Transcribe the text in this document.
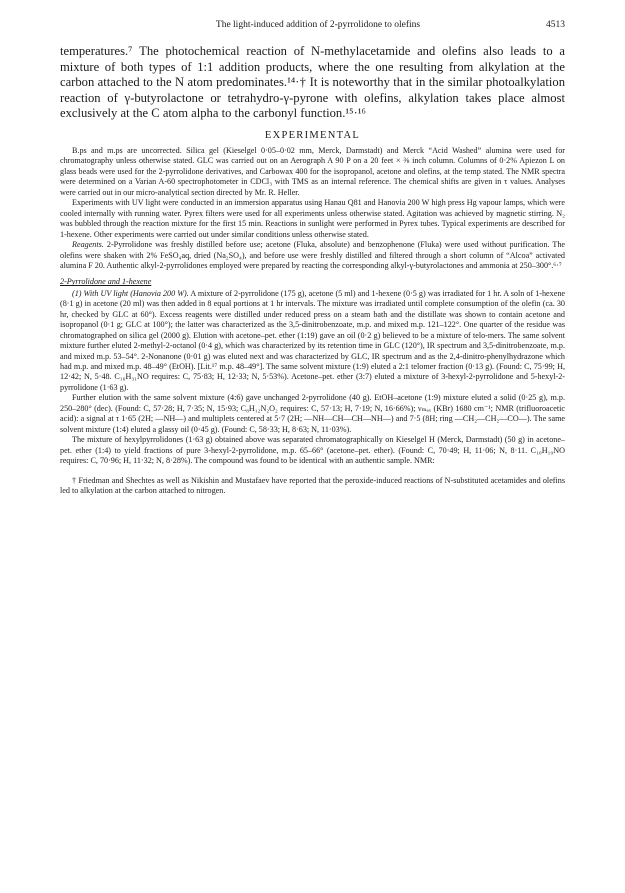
The light-induced addition of 2-pyrrolidone to olefins	4513

temperatures.⁷ The photochemical reaction of N-methylacetamide and olefins also leads to a mixture of both types of 1:1 addition products, where the one resulting from alkylation at the carbon attached to the N atom predominates.¹⁴·† It is noteworthy that in the similar photoalkylation reaction of γ-butyrolactone or tetrahydro-γ-pyrone with olefins, alkylation takes place almost exclusively at the C atom alpha to the carbonyl function.¹⁵·¹⁶

EXPERIMENTAL

B.ps and m.ps are uncorrected. Silica gel (Kieselgel 0·05–0·02 mm, Merck, Darmstadt) and Merck “Acid Washed” alumina were used for chromatography unless otherwise stated. GLC was carried out on an Aerograph A 90 P on a 20 feet × ⅜ inch column. Columns of 0·2% Apiezon L on glass beads were used for the 2-pyrrolidone derivatives, and Carbowax 400 for the isopropanol, acetone and olefins, at the temp stated. The NMR spectra were determined on a Varian A-60 spectrophotometer in CDCl₃ with TMS as an internal reference. The chemical shifts are given in τ values. Analyses were carried out in our micro-analytical section directed by Mr. R. Heller.

Experiments with UV light were conducted in an immersion apparatus using Hanau Q81 and Hanovia 200 W high press Hg vapour lamps, which were cooled internally with running water. Pyrex filters were used for all experiments unless otherwise stated. Agitation was achieved by magnetic stirring. N₂ was bubbled through the reaction mixture for the first 15 min. Reactions in sunlight were performed in Pyrex tubes. Typical experiments are described for 1-hexene. Other experiments were carried out under similar conditions unless otherwise stated.

Reagents. 2-Pyrrolidone was freshly distilled before use; acetone (Fluka, absolute) and benzophenone (Fluka) were used without purification. The olefins were shaken with 2% FeSO₄aq, dried (Na₂SO₄), and before use were freshly distilled and filtered through a short column of “Alcoa” activated alumina F 20. Authentic alkyl-2-pyrrolidones employed were prepared by reacting the corresponding alkyl-γ-butyrolactones and ammonia at 250–300°.⁶·⁷

2-Pyrrolidone and 1-hexene

(1) With UV light (Hanovia 200 W). A mixture of 2-pyrrolidone (175 g), acetone (5 ml) and 1-hexene (0·5 g) was irradiated for 1 hr. A soln of 1-hexene (8·1 g) in acetone (20 ml) was then added in 8 equal portions at 1 hr intervals. The mixture was irradiated until complete consumption of the olefin (ca. 30 hr, checked by GLC at 60°). Excess reagents were distilled under reduced press on a steam bath and the distillate was shown to contain acetone and isopropanol (0·1 g; GLC at 100°); the latter was characterized as the 3,5-dinitrobenzoate, m.p. and mixed m.p. 121–122°. One quarter of the residue was chromatographed on silica gel (2000 g). Elution with acetone–pet. ether (1:19) gave an oil (0·2 g) believed to be a mixture of telo-mers. The same solvent mixture further eluted 2-methyl-2-octanol (0·4 g), which was characterized by its retention time in GLC (120°), IR spectrum and 3,5-dinitrobenzoate, m.p. and mixed m.p. 53–54°. 2-Nonanone (0·01 g) was eluted next and was characterized by GLC, IR spectrum and as the 2,4-dinitro-phenylhydrazone which had m.p. and mixed m.p. 48–49° (EtOH). [Lit.¹⁷ m.p. 48–49°]. The same solvent mixture (1:9) eluted a 2:1 telomer fraction (0·13 g). (Found: C, 75·99; H, 12·42; N, 5·48. C₁₆H₃₁NO requires: C, 75·83; H, 12·33; N, 5·53%). Acetone–pet. ether (3:7) eluted a mixture of 3-hexyl-2-pyrrolidone and 5-hexyl-2-pyrrolidone (1·63 g).

Further elution with the same solvent mixture (4:6) gave unchanged 2-pyrrolidone (40 g). EtOH–acetone (1:9) mixture eluted a solid (0·25 g), m.p. 250–280° (dec). (Found: C, 57·28; H, 7·35; N, 15·93; C₈H₁₂N₂O₂ requires: C, 57·13; H, 7·19; N, 16·66%); νₘₐₓ (KBr) 1680 cm⁻¹; NMR (trifluoroacetic acid): a signal at τ 1·65 (2H; —NH—) and multiplets centered at 5·7 (2H; —NH—CH—CH—NH—) and 7·5 (8H; ring —CH₂—CH₂—CO—). The same solvent mixture (1:4) eluted a glassy oil (0·45 g). (Found: C, 58·33; H, 8·63; N, 11·03%).

The mixture of hexylpyrrolidones (1·63 g) obtained above was separated chromatographically on Kieselgel H (Merck, Darmstadt) (50 g) in acetone–pet. ether (1:4) to yield fractions of pure 3-hexyl-2-pyrrolidone, m.p. 65–66° (acetone–pet. ether). (Found: C, 70·49; H, 11·06; N, 8·11. C₁₀H₁₉NO requires: C, 70·96; H, 11·32; N, 8·28%). The compound was found to be identical with an authentic sample. NMR:

† Friedman and Shechtes as well as Nikishin and Mustafaev have reported that the peroxide-induced reactions of N-substituted acetamides and olefins led to alkylation at the carbon attached to nitrogen.
